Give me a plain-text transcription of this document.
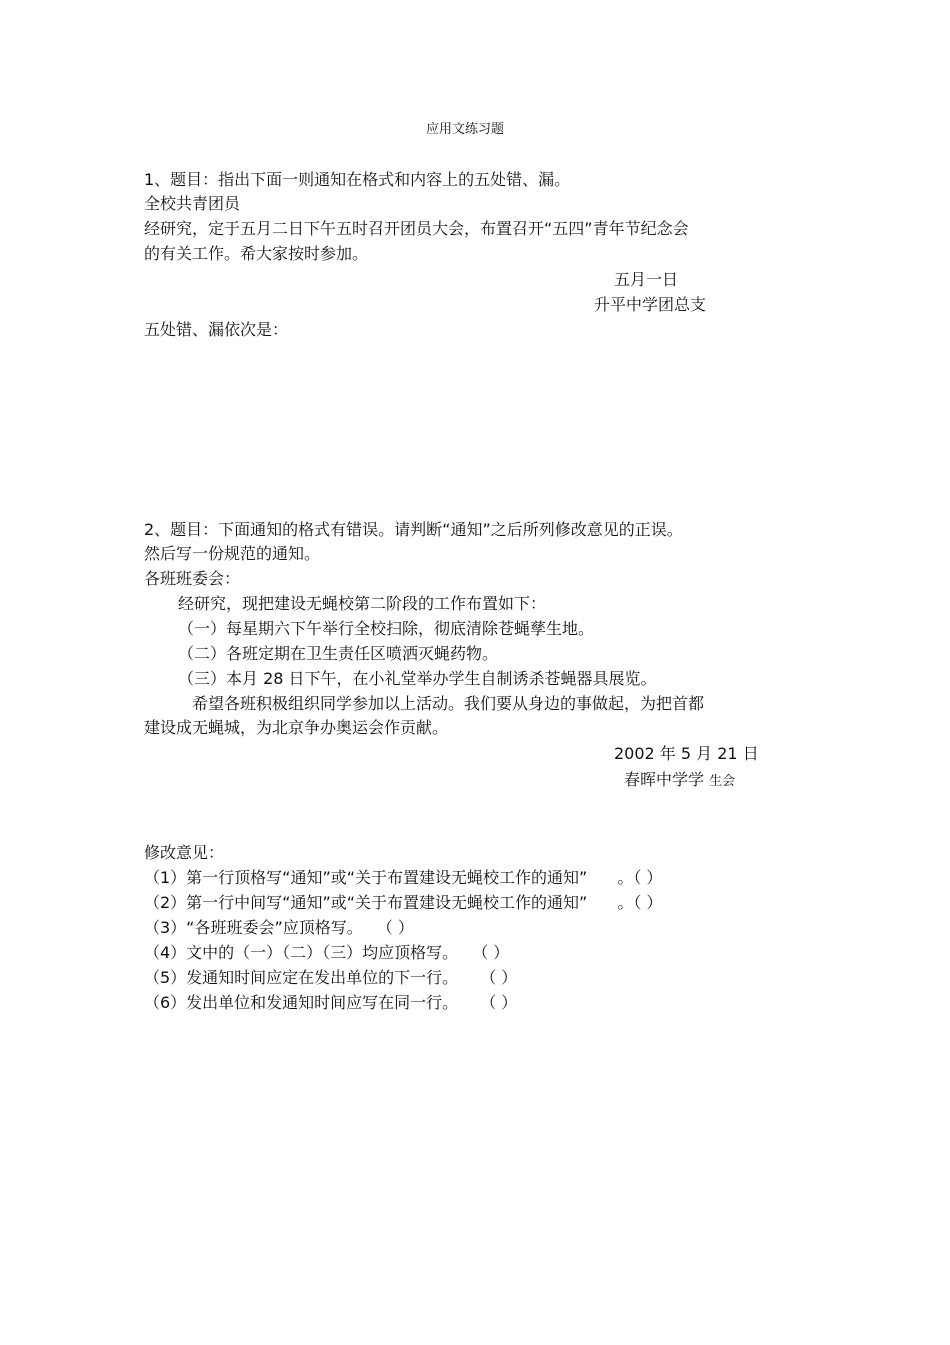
应用文练习题
1、题目：指出下面一则通知在格式和内容上的五处错、漏。
全校共青团员
经研究，定于五月二日下午五时召开团员大会，布置召开“五四”青年节纪念会
的有关工作。希大家按时参加。
五月一日
升平中学团总支
五处错、漏依次是：
2、题目：下面通知的格式有错误。请判断“通知”之后所列修改意见的正误。
然后写一份规范的通知。
各班班委会：
经研究，现把建设无蝇校第二阶段的工作布置如下：
（一）每星期六下午举行全校扫除，彻底清除苍蝇孳生地。
（二）各班定期在卫生责任区喷洒灭蝇药物。
（三）本月 28 日下午，在小礼堂举办学生自制诱杀苍蝇器具展览。
希望各班积极组织同学参加以上活动。我们要从身边的事做起，为把首都
建设成无蝇城，为北京争办奥运会作贡献。
2002 年 5 月 21 日
春晖中学学 生会
修改意见：
（1）第一行顶格写“通知”或“关于布置建设无蝇校工作的通知” 。（ ）
（2）第一行中间写“通知”或“关于布置建设无蝇校工作的通知” 。（ ）
（3）“各班班委会”应顶格写。 （ ）
（4）文中的（一）（二）（三）均应顶格写。 （ ）
（5）发通知时间应定在发出单位的下一行。 （ ）
（6）发出单位和发通知时间应写在同一行。 （ ）
